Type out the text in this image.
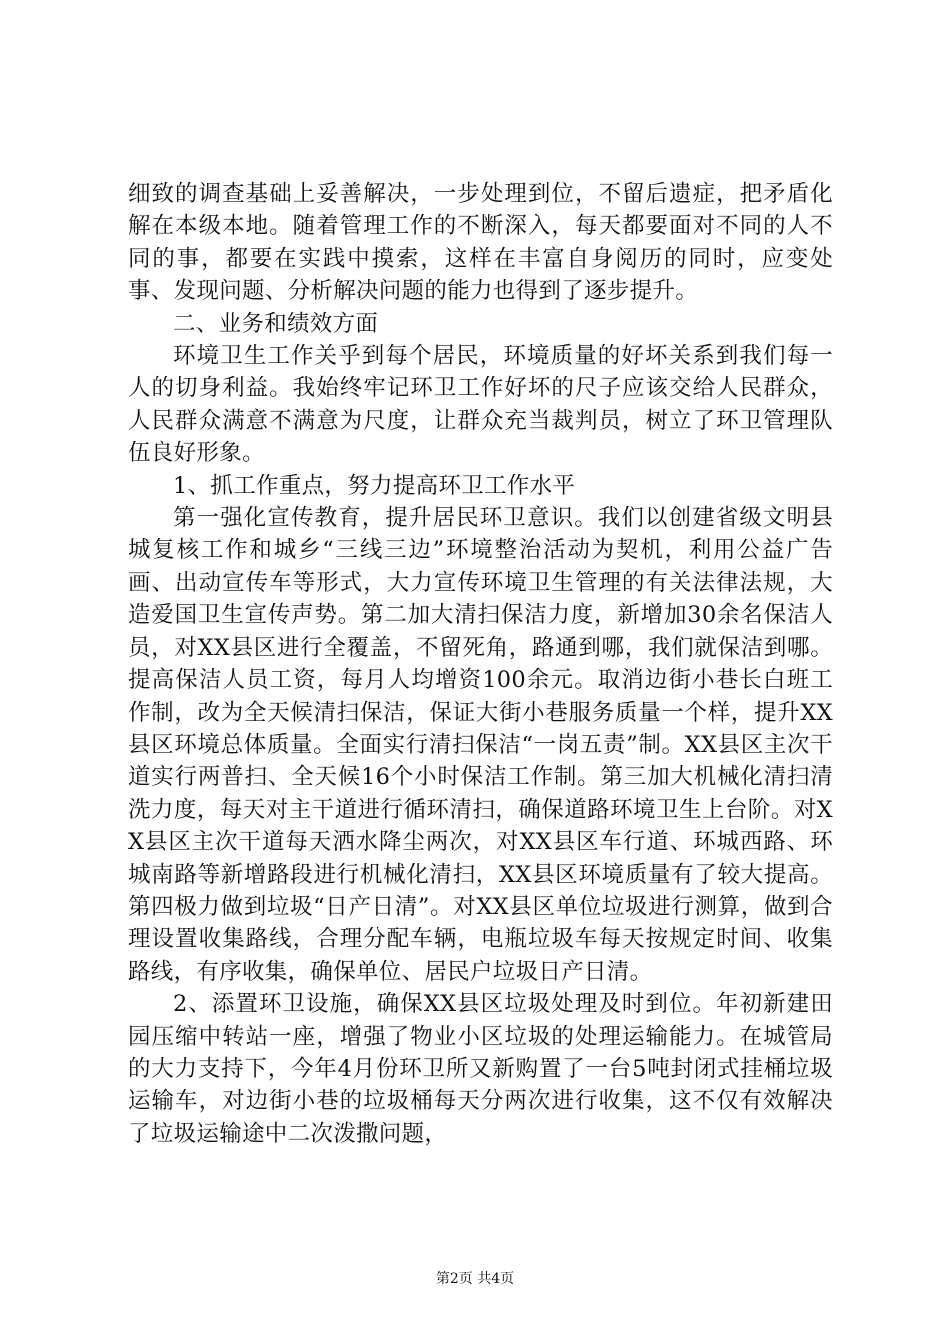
细致的调查基础上妥善解决，一步处理到位，不留后遗症，把矛盾化解在本级本地。随着管理工作的不断深入，每天都要面对不同的人不同的事，都要在实践中摸索，这样在丰富自身阅历的同时，应变处事、发现问题、分析解决问题的能力也得到了逐步提升。

二、业务和绩效方面

环境卫生工作关乎到每个居民，环境质量的好坏关系到我们每一人的切身利益。我始终牢记环卫工作好坏的尺子应该交给人民群众，人民群众满意不满意为尺度，让群众充当裁判员，树立了环卫管理队伍良好形象。

1、抓工作重点，努力提高环卫工作水平

第一强化宣传教育，提升居民环卫意识。我们以创建省级文明县城复核工作和城乡“三线三边”环境整治活动为契机，利用公益广告画、出动宣传车等形式，大力宣传环境卫生管理的有关法律法规，大造爱国卫生宣传声势。第二加大清扫保洁力度，新增加30余名保洁人员，对XX县区进行全覆盖，不留死角，路通到哪，我们就保洁到哪。提高保洁人员工资，每月人均增资100余元。取消边街小巷长白班工作制，改为全天候清扫保洁，保证大街小巷服务质量一个样，提升XX县区环境总体质量。全面实行清扫保洁“一岗五责”制。XX县区主次干道实行两普扫、全天候16个小时保洁工作制。第三加大机械化清扫清洗力度，每天对主干道进行循环清扫，确保道路环境卫生上台阶。对XX县区主次干道每天洒水降尘两次，对XX县区车行道、环城西路、环城南路等新增路段进行机械化清扫，XX县区环境质量有了较大提高。第四极力做到垃圾“日产日清”。对XX县区单位垃圾进行测算，做到合理设置收集路线，合理分配车辆，电瓶垃圾车每天按规定时间、收集路线，有序收集，确保单位、居民户垃圾日产日清。

2、添置环卫设施，确保XX县区垃圾处理及时到位。年初新建田园压缩中转站一座，增强了物业小区垃圾的处理运输能力。在城管局的大力支持下，今年4月份环卫所又新购置了一台5吨封闭式挂桶垃圾运输车，对边街小巷的垃圾桶每天分两次进行收集，这不仅有效解决了垃圾运输途中二次泼撒问题，

第2页 共4页
